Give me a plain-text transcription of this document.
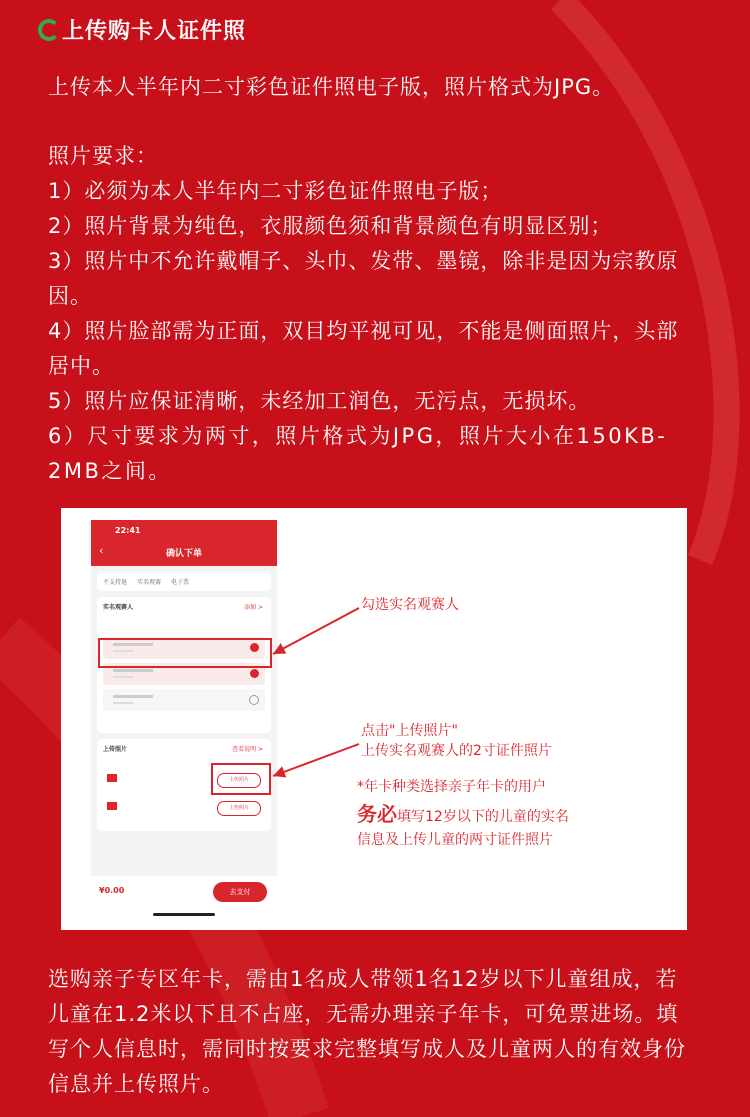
上传购卡人证件照
上传本人半年内二寸彩色证件照电子版，照片格式为JPG。
照片要求：
1）必须为本人半年内二寸彩色证件照电子版；
2）照片背景为纯色，衣服颜色须和背景颜色有明显区别；
3）照片中不允许戴帽子、头巾、发带、墨镜，除非是因为宗教原因。
4）照片脸部需为正面，双目均平视可见，不能是侧面照片，头部居中。
5）照片应保证清晰，未经加工润色，无污点，无损坏。
6）尺寸要求为两寸，照片格式为JPG，照片大小在150KB-2MB之间。
22:41
‹	确认下单
不支持退 实名观赛 电子票
实名观赛人	添加 >
上传照片	查看说明 >
上传照片
上传照片
¥0.00	去支付
勾选实名观赛人
点击"上传照片"
上传实名观赛人的2寸证件照片
*年卡种类选择亲子年卡的用户
务必填写12岁以下的儿童的实名
信息及上传儿童的两寸证件照片
选购亲子专区年卡，需由1名成人带领1名12岁以下儿童组成，若儿童在1.2米以下且不占座，无需办理亲子年卡，可免票进场。填写个人信息时，需同时按要求完整填写成人及儿童两人的有效身份信息并上传照片。
